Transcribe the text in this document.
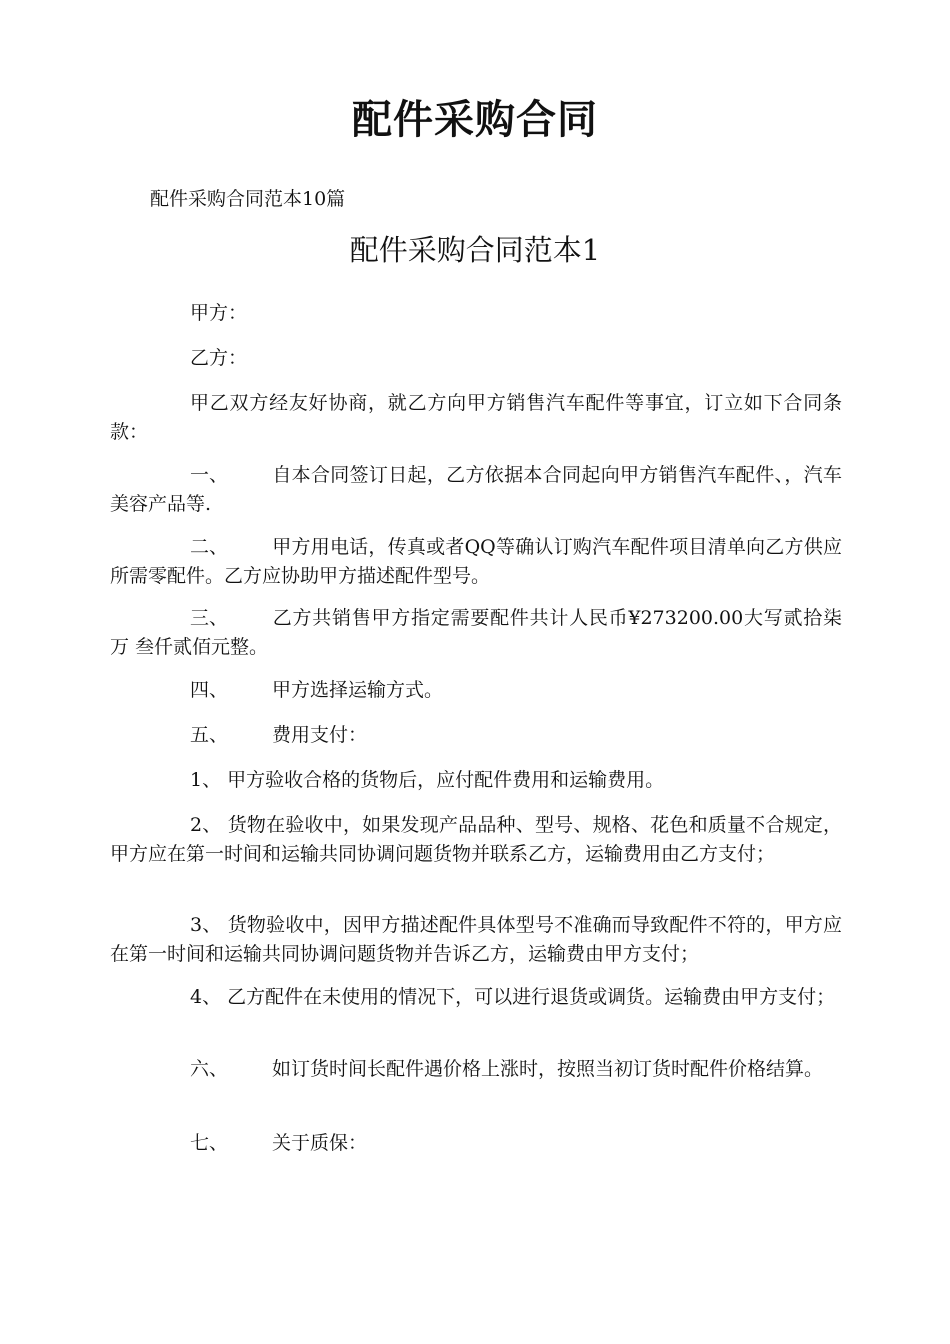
配件采购合同
配件采购合同范本10篇
配件采购合同范本1
甲方：
乙方：
甲乙双方经友好协商，就乙方向甲方销售汽车配件等事宜，订立如下合同条款：
一、 自本合同签订日起，乙方依据本合同起向甲方销售汽车配件、，汽车 美容产品等.
二、 甲方用电话，传真或者QQ等确认订购汽车配件项目清单向乙方供应 所需零配件。乙方应协助甲方描述配件型号。
三、 乙方共销售甲方指定需要配件共计人民币¥273200.00大写贰拾柒万 叁仟贰佰元整。
四、	甲方选择运输方式。
五、	费用支付：
1、 甲方验收合格的货物后，应付配件费用和运输费用。
2、 货物在验收中，如果发现产品品种、型号、规格、花色和质量不合规定，甲方应在第一时间和运输共同协调问题货物并联系乙方，运输费用由乙方支付；
3、 货物验收中，因甲方描述配件具体型号不准确而导致配件不符的，甲方应在第一时间和运输共同协调问题货物并告诉乙方，运输费由甲方支付；
4、 乙方配件在未使用的情况下，可以进行退货或调货。运输费由甲方支付；
六、	如订货时间长配件遇价格上涨时，按照当初订货时配件价格结算。
七、	关于质保：
